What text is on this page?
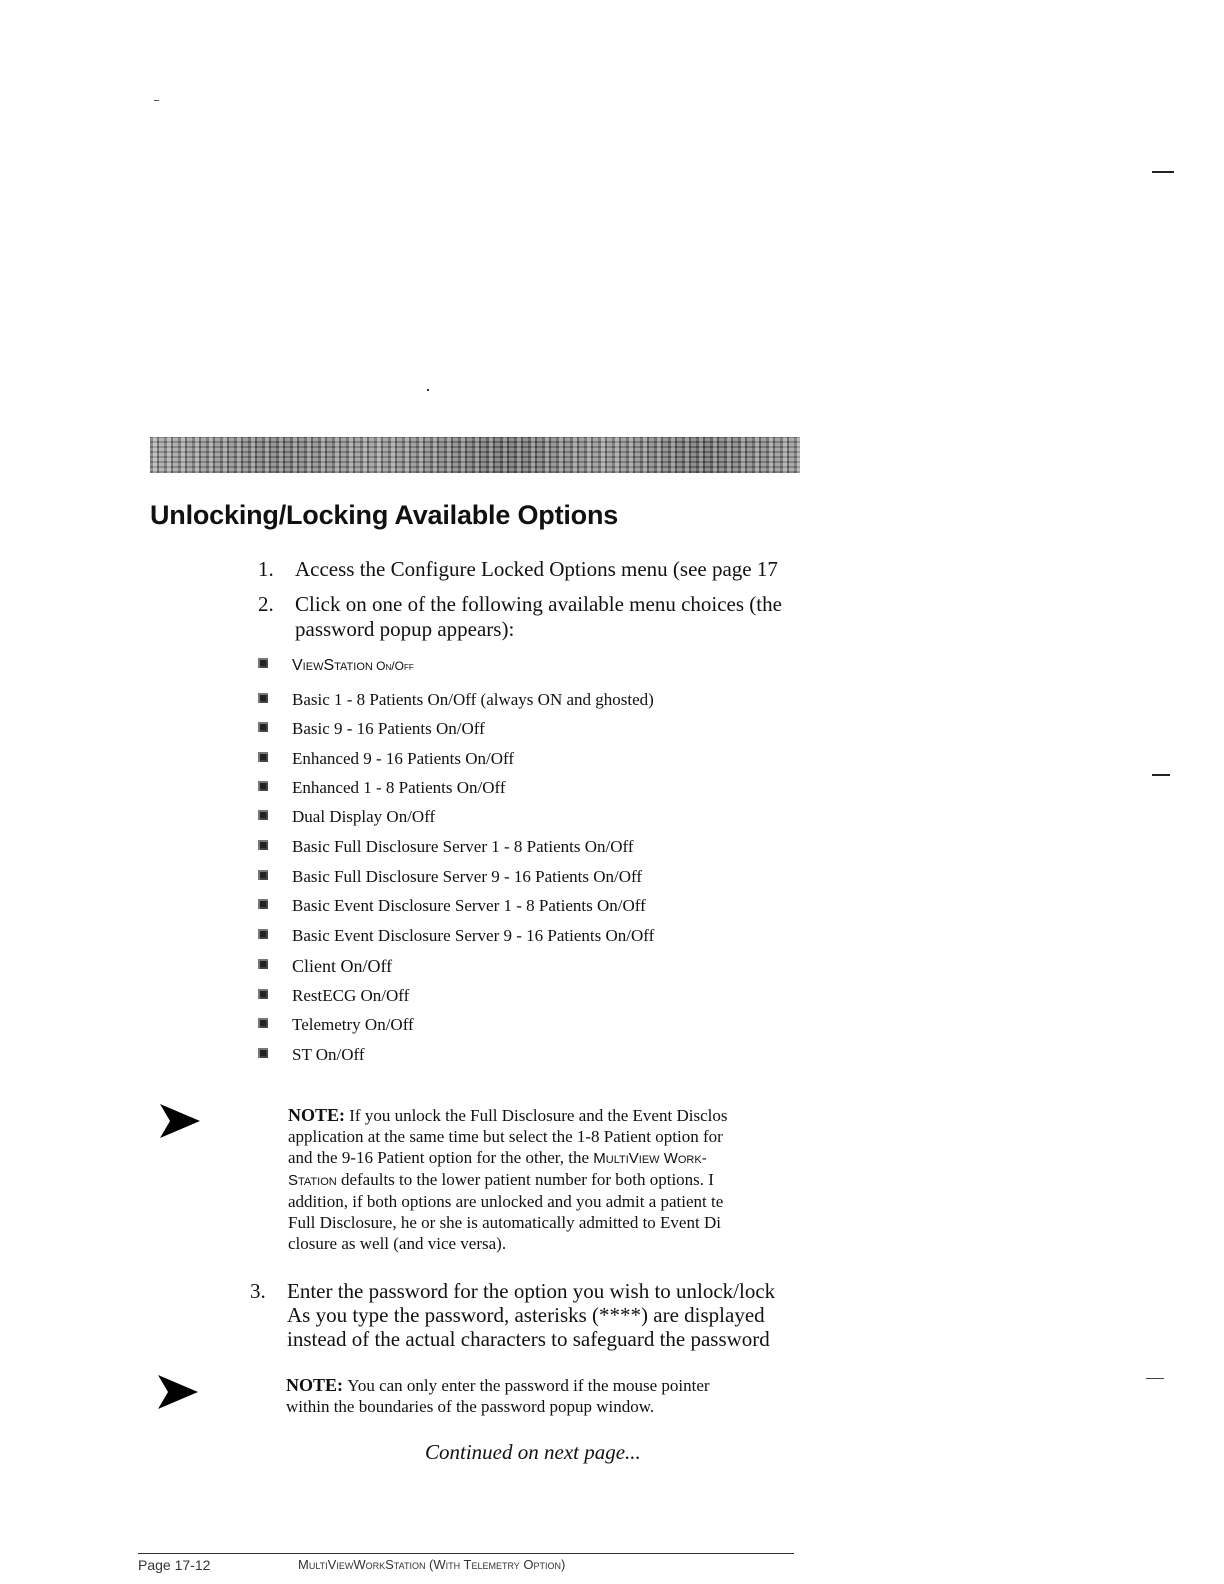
Unlocking/Locking Available Options
1. Access the Configure Locked Options menu (see page 17
2. Click on one of the following available menu choices (thе
password popup appears):
ViewStation On/Off
Basic 1 - 8 Patients On/Off (always ON and ghosted)
Basic 9 - 16 Patients On/Off
Enhanced 9 - 16 Patients On/Off
Enhanced 1 - 8 Patients On/Off
Dual Display On/Off
Basic Full Disclosure Server 1 - 8 Patients On/Off
Basic Full Disclosure Server 9 - 16 Patients On/Off
Basic Event Disclosure Server 1 - 8 Patients On/Off
Basic Event Disclosure Server 9 - 16 Patients On/Off
Client On/Off
RestECG On/Off
Telemetry On/Off
ST On/Off
NOTE: If you unlock the Full Disclosure and the Event Discloѕ
application at the same time but select the 1-8 Patient option for
and the 9-16 Patient option for the other, the MultiView Work-
Station defaults to the lower patient number for both options. I
addition, if both options are unlocked and you admit a patient tе
Full Disclosure, he or she is automatically admitted to Event Di
closure as well (and vice versa).
3. Enter the password for the option you wish to unlock/lock
As you type the password, asterisks (****) are displayed
instead of the actual characters to safeguard the password
NOTE: You can only enter the password if the mouse pointer
within the boundaries of the password popup window.
Continued on next page...
Page 17-12	MultiViewWorkStation (With Telemetry Option)
